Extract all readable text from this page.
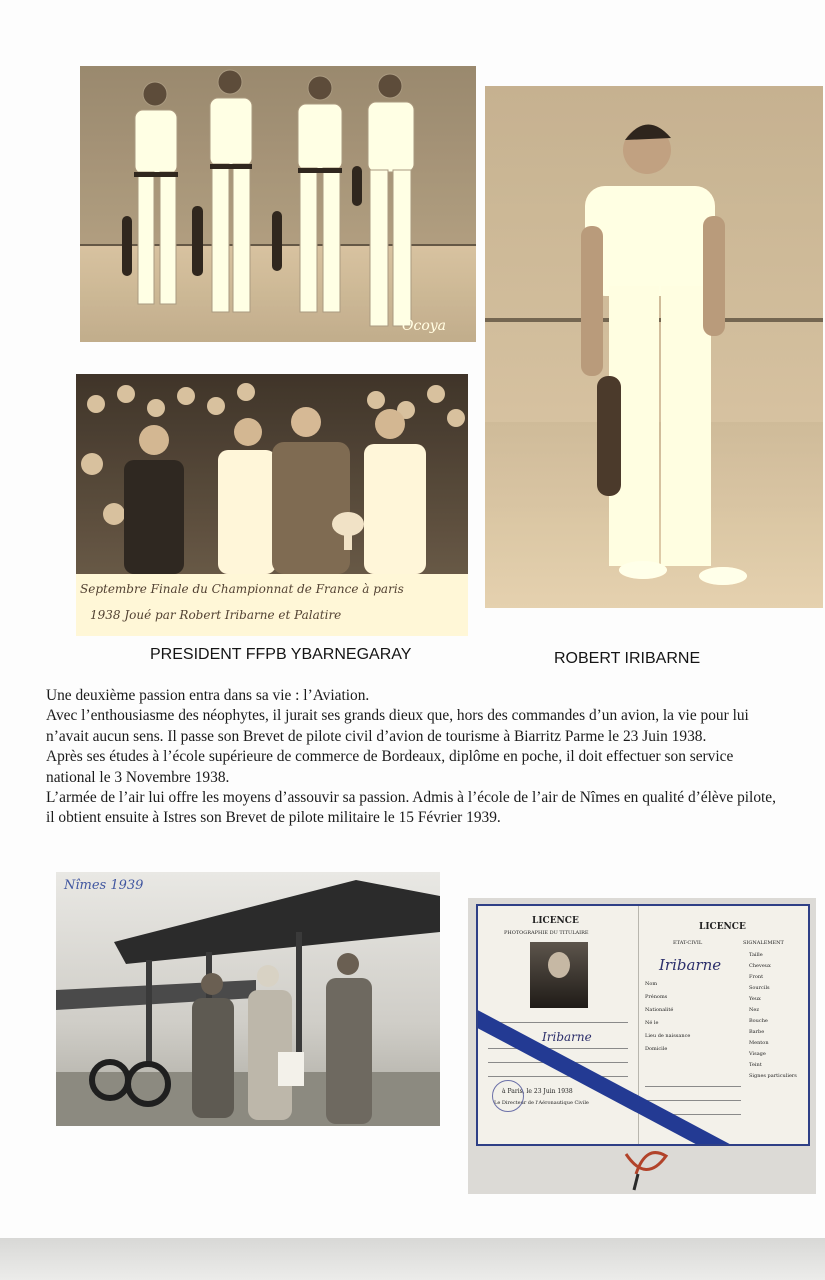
Ocoya
Septembre Finale du Championnat de France à paris
1938 Joué par Robert Iribarne et Palatire
PRESIDENT FFPB YBARNEGARAY	ROBERT IRIBARNE

Une deuxième passion entra dans sa vie : l’Aviation.

Avec l’enthousiasme des néophytes, il jurait ses grands dieux que, hors des commandes d’un avion, la vie pour lui n’avait aucun sens. Il passe son Brevet de pilote civil d’avion de tourisme à Biarritz Parme le 23 Juin 1938.

Après ses études à l’école supérieure de commerce de Bordeaux, diplôme en poche, il doit effectuer son service national le 3 Novembre 1938.

L’armée de l’air lui offre les moyens d’assouvir sa passion. Admis à l’école de l’air de Nîmes en qualité d’élève pilote, il obtient ensuite à Istres son Brevet de pilote militaire le 15 Février 1939.

Nîmes 1939
LICENCE
PHOTOGRAPHIE DU TITULAIRE
Iribarne
à Paris, le 23 Juin 1938
Le Directeur de l'Aéronautique Civile
LICENCE
ETAT-CIVIL	SIGNALEMENT
Iribarne
Nom
Prénoms
Nationalité
Né le
Lieu de naissance
Domicile
Taille
Cheveux
Front
Sourcils
Yeux
Nez
Bouche
Barbe
Menton
Visage
Teint
Signes particuliers
